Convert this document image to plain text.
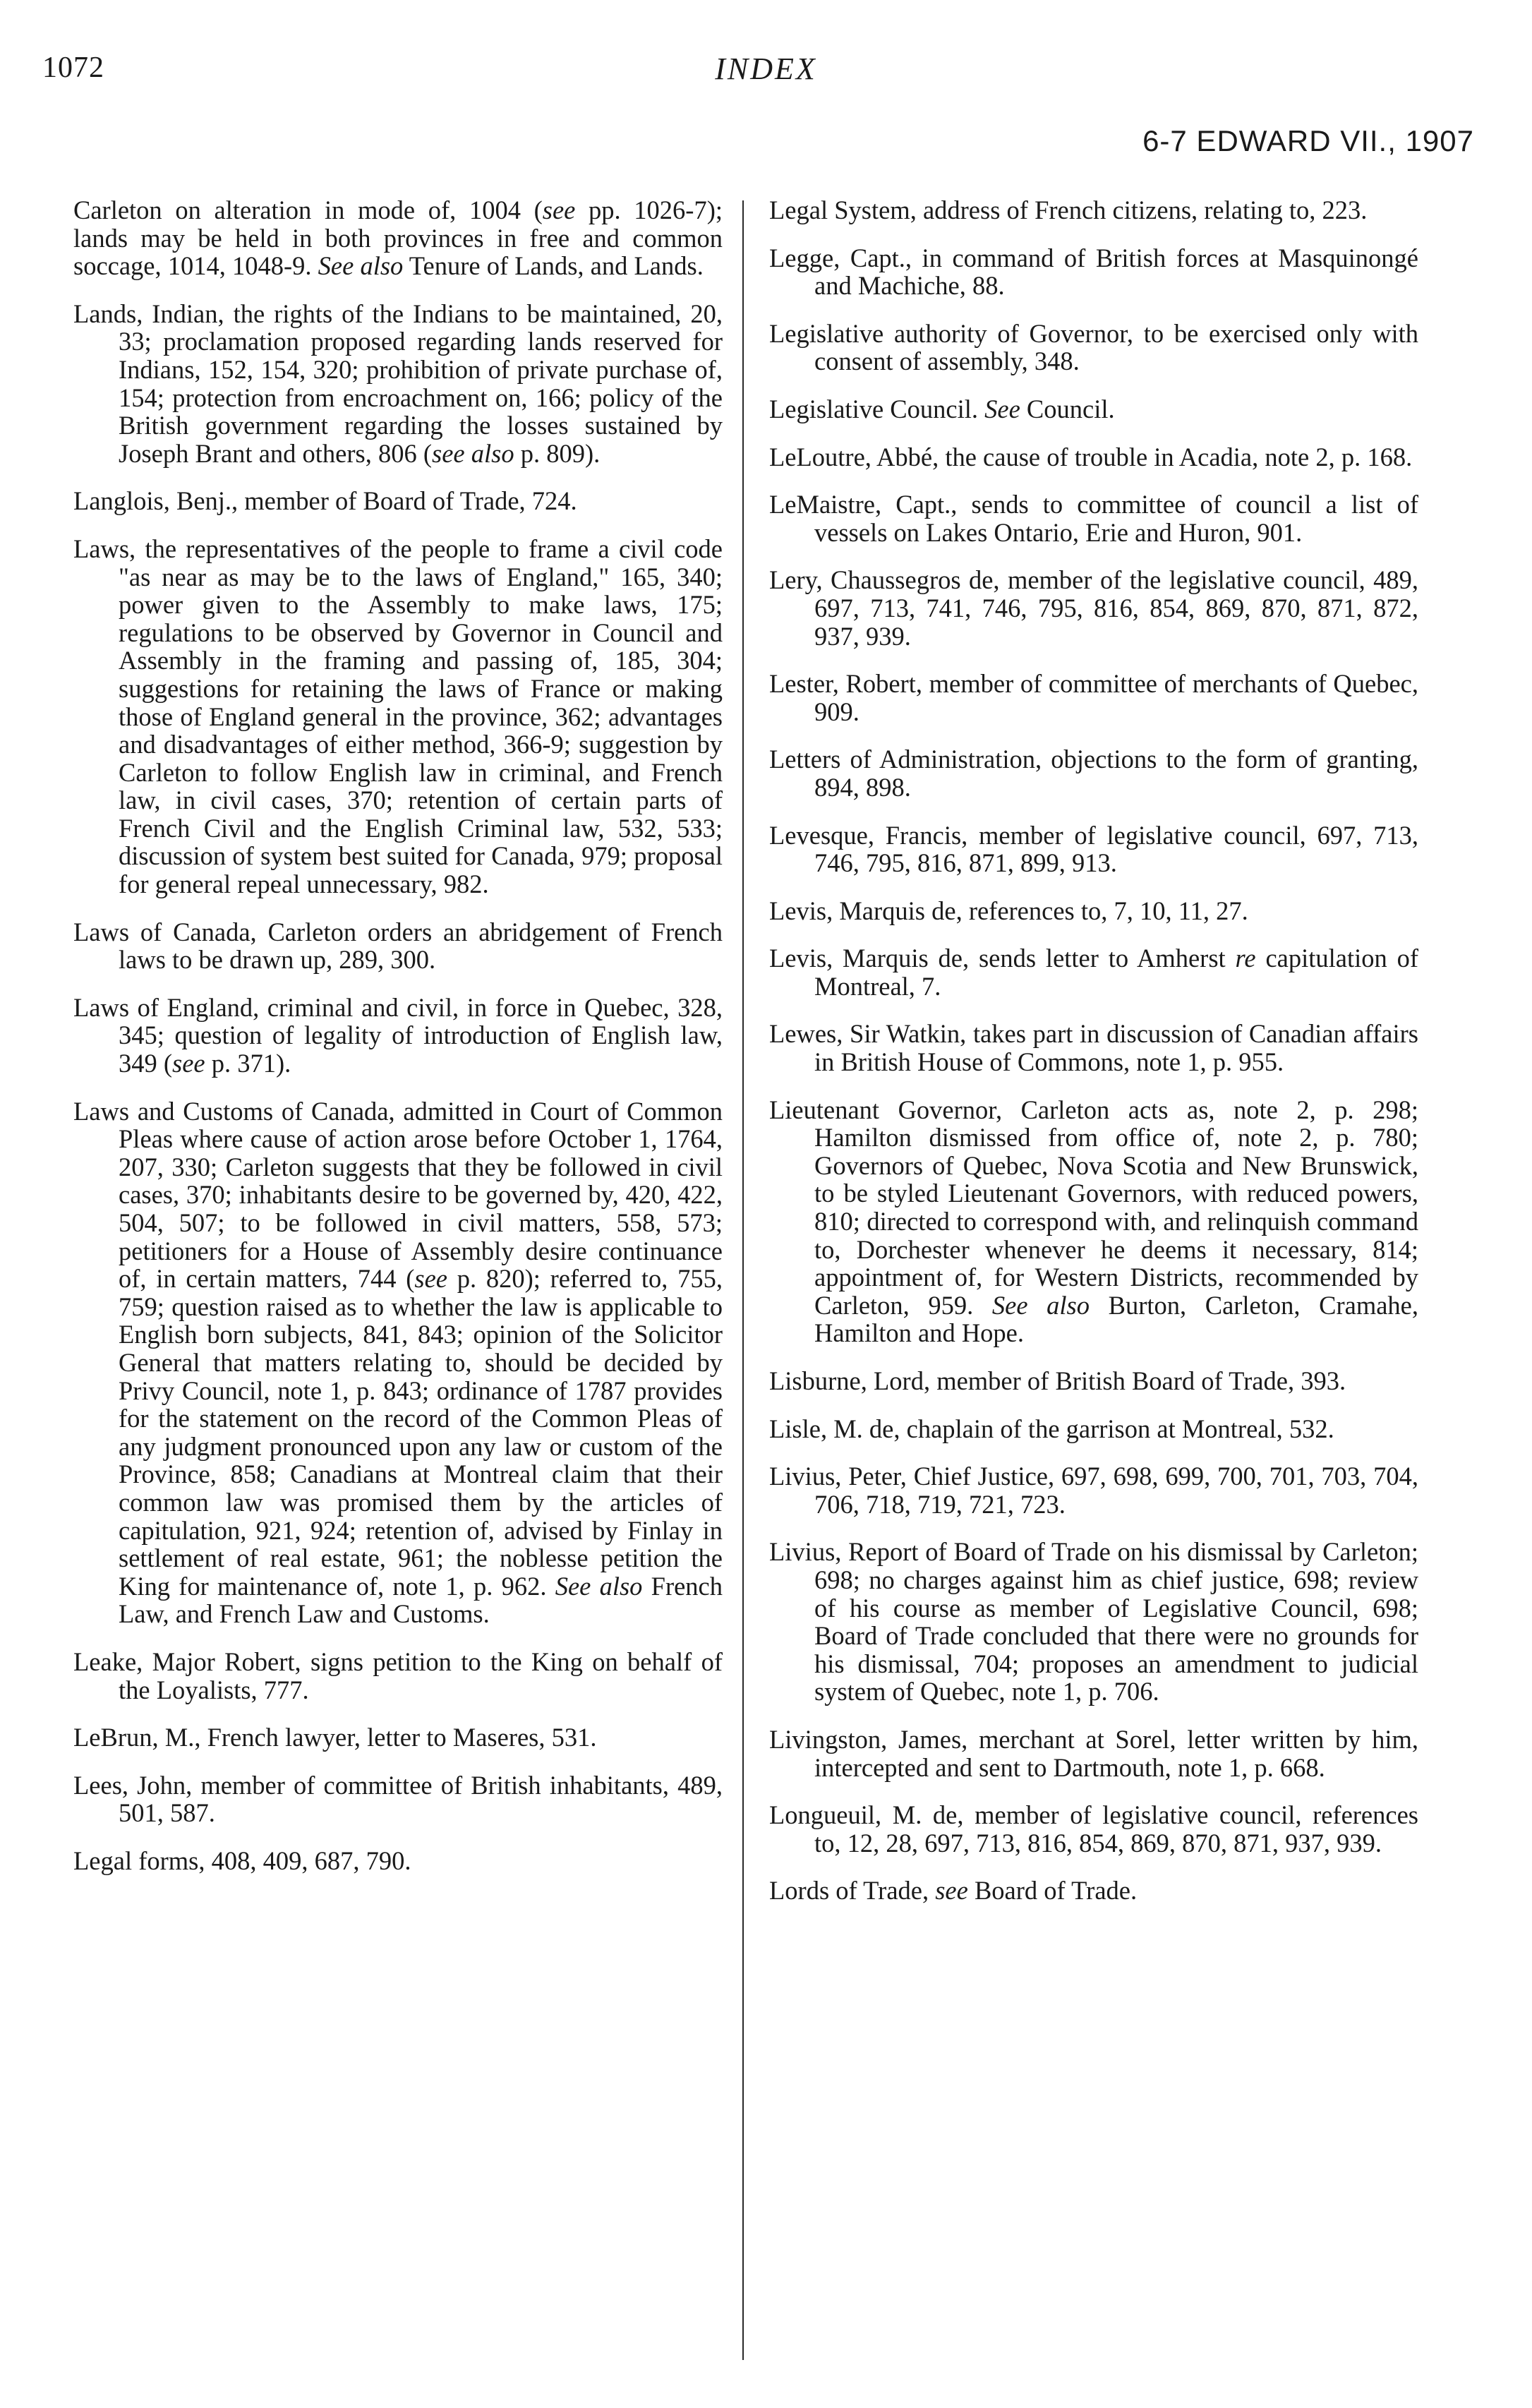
1072	INDEX
6-7 EDWARD VII., 1907

Carleton on alteration in mode of, 1004 (see pp. 1026-7); lands may be held in both provinces in free and common soccage, 1014, 1048-9. See also Tenure of Lands, and Lands.

Lands, Indian, the rights of the Indians to be maintained, 20, 33; proclamation proposed regarding lands reserved for Indians, 152, 154, 320; prohibition of private purchase of, 154; protection from encroachment on, 166; policy of the British government regarding the losses sustained by Joseph Brant and others, 806 (see also p. 809).

Langlois, Benj., member of Board of Trade, 724.

Laws, the representatives of the people to frame a civil code "as near as may be to the laws of England," 165, 340; power given to the Assembly to make laws, 175; regulations to be observed by Governor in Council and Assembly in the framing and passing of, 185, 304; suggestions for retaining the laws of France or making those of England general in the province, 362; advantages and disadvantages of either method, 366-9; suggestion by Carleton to follow English law in criminal, and French law, in civil cases, 370; retention of certain parts of French Civil and the English Criminal law, 532, 533; discussion of system best suited for Canada, 979; proposal for general repeal unnecessary, 982.

Laws of Canada, Carleton orders an abridgement of French laws to be drawn up, 289, 300.

Laws of England, criminal and civil, in force in Quebec, 328, 345; question of legality of introduction of English law, 349 (see p. 371).

Laws and Customs of Canada, admitted in Court of Common Pleas where cause of action arose before October 1, 1764, 207, 330; Carleton suggests that they be followed in civil cases, 370; inhabitants desire to be governed by, 420, 422, 504, 507; to be followed in civil matters, 558, 573; petitioners for a House of Assembly desire continuance of, in certain matters, 744 (see p. 820); referred to, 755, 759; question raised as to whether the law is applicable to English born subjects, 841, 843; opinion of the Solicitor General that matters relating to, should be decided by Privy Council, note 1, p. 843; ordinance of 1787 provides for the statement on the record of the Common Pleas of any judgment pronounced upon any law or custom of the Province, 858; Canadians at Montreal claim that their common law was promised them by the articles of capitulation, 921, 924; retention of, advised by Finlay in settlement of real estate, 961; the noblesse petition the King for maintenance of, note 1, p. 962. See also French Law, and French Law and Customs.

Leake, Major Robert, signs petition to the King on behalf of the Loyalists, 777.

LeBrun, M., French lawyer, letter to Maseres, 531.

Lees, John, member of committee of British inhabitants, 489, 501, 587.

Legal forms, 408, 409, 687, 790.

Legal System, address of French citizens, relating to, 223.

Legge, Capt., in command of British forces at Masquinongé and Machiche, 88.

Legislative authority of Governor, to be exercised only with consent of assembly, 348.

Legislative Council. See Council.

LeLoutre, Abbé, the cause of trouble in Acadia, note 2, p. 168.

LeMaistre, Capt., sends to committee of council a list of vessels on Lakes Ontario, Erie and Huron, 901.

Lery, Chaussegros de, member of the legislative council, 489, 697, 713, 741, 746, 795, 816, 854, 869, 870, 871, 872, 937, 939.

Lester, Robert, member of committee of merchants of Quebec, 909.

Letters of Administration, objections to the form of granting, 894, 898.

Levesque, Francis, member of legislative council, 697, 713, 746, 795, 816, 871, 899, 913.

Levis, Marquis de, references to, 7, 10, 11, 27.

Levis, Marquis de, sends letter to Amherst re capitulation of Montreal, 7.

Lewes, Sir Watkin, takes part in discussion of Canadian affairs in British House of Commons, note 1, p. 955.

Lieutenant Governor, Carleton acts as, note 2, p. 298; Hamilton dismissed from office of, note 2, p. 780; Governors of Quebec, Nova Scotia and New Brunswick, to be styled Lieutenant Governors, with reduced powers, 810; directed to correspond with, and relinquish command to, Dorchester whenever he deems it necessary, 814; appointment of, for Western Districts, recommended by Carleton, 959. See also Burton, Carleton, Cramahe, Hamilton and Hope.

Lisburne, Lord, member of British Board of Trade, 393.

Lisle, M. de, chaplain of the garrison at Montreal, 532.

Livius, Peter, Chief Justice, 697, 698, 699, 700, 701, 703, 704, 706, 718, 719, 721, 723.

Livius, Report of Board of Trade on his dismissal by Carleton; 698; no charges against him as chief justice, 698; review of his course as member of Legislative Council, 698; Board of Trade concluded that there were no grounds for his dismissal, 704; proposes an amendment to judicial system of Quebec, note 1, p. 706.

Livingston, James, merchant at Sorel, letter written by him, intercepted and sent to Dartmouth, note 1, p. 668.

Longueuil, M. de, member of legislative council, references to, 12, 28, 697, 713, 816, 854, 869, 870, 871, 937, 939.

Lords of Trade, see Board of Trade.
